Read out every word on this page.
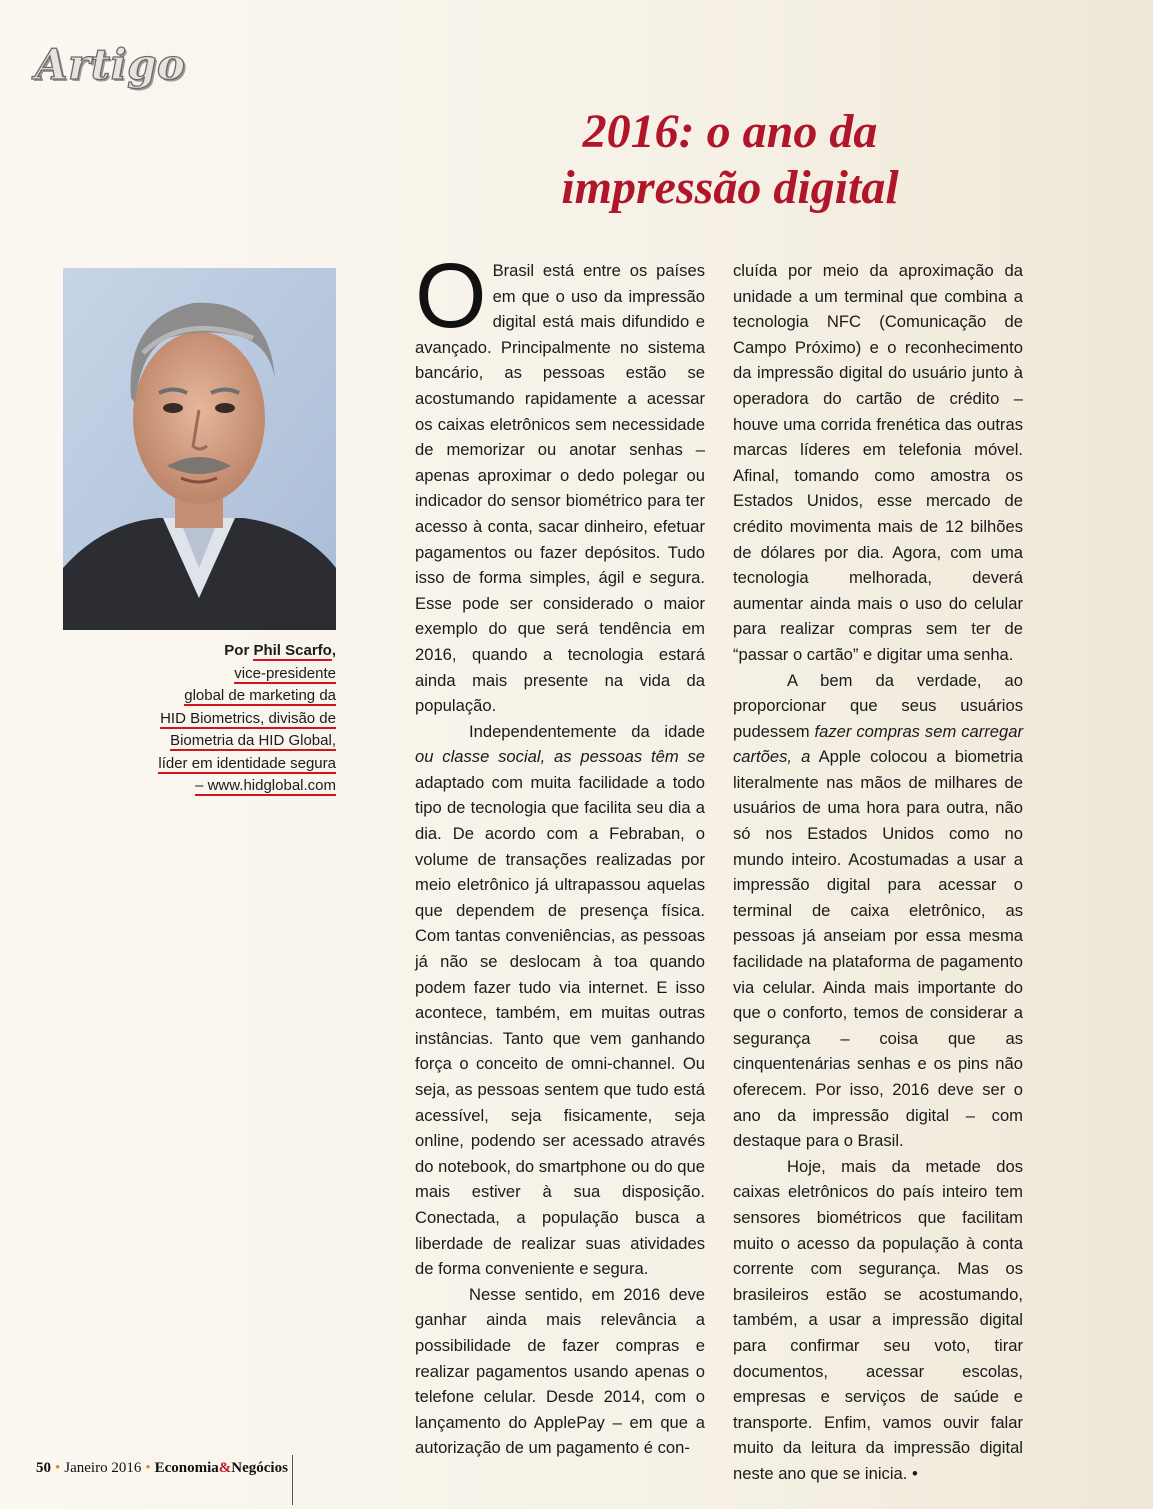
Artigo
2016: o ano da
impressão digital
Por Phil Scarfo,
vice-presidente
global de marketing da
HID Biometrics, divisão de
Biometria da HID Global,
líder em identidade segura
– www.hidglobal.com

O Brasil está entre os países em que o uso da impressão digital está mais difundido e avançado. Principalmente no sistema bancário, as pessoas estão se acostumando rapidamente a acessar os caixas eletrônicos sem necessidade de memorizar ou anotar senhas – apenas aproximar o dedo polegar ou indicador do sensor biométrico para ter acesso à conta, sacar dinheiro, efetuar pagamentos ou fazer depósitos. Tudo isso de forma simples, ágil e segura. Esse pode ser considerado o maior exemplo do que será tendência em 2016, quando a tecnologia estará ainda mais presente na vida da população.

Independentemente da idade ou classe social, as pessoas têm se adaptado com muita facilidade a todo tipo de tecnologia que facilita seu dia a dia. De acordo com a Febraban, o volume de transações realizadas por meio eletrônico já ultrapassou aquelas que dependem de presença física. Com tantas conveniências, as pessoas já não se deslocam à toa quando podem fazer tudo via internet. E isso acontece, também, em muitas outras instâncias. Tanto que vem ganhando força o conceito de omni-channel. Ou seja, as pessoas sentem que tudo está acessível, seja fisicamente, seja online, podendo ser acessado através do notebook, do smartphone ou do que mais estiver à sua disposição. Conectada, a população busca a liberdade de realizar suas atividades de forma conveniente e segura.

Nesse sentido, em 2016 deve ganhar ainda mais relevância a possibilidade de fazer compras e realizar pagamentos usando apenas o telefone celular. Desde 2014, com o lançamento do ApplePay – em que a autorização de um pagamento é con-

cluída por meio da aproximação da unidade a um terminal que combina a tecnologia NFC (Comunicação de Campo Próximo) e o reconhecimento da impressão digital do usuário junto à operadora do cartão de crédito – houve uma corrida frenética das outras marcas líderes em telefonia móvel. Afinal, tomando como amostra os Estados Unidos, esse mercado de crédito movimenta mais de 12 bilhões de dólares por dia. Agora, com uma tecnologia melhorada, deverá aumentar ainda mais o uso do celular para realizar compras sem ter de “passar o cartão” e digitar uma senha.

A bem da verdade, ao proporcionar que seus usuários pudessem fazer compras sem carregar cartões, a Apple colocou a biometria literalmente nas mãos de milhares de usuários de uma hora para outra, não só nos Estados Unidos como no mundo inteiro. Acostumadas a usar a impressão digital para acessar o terminal de caixa eletrônico, as pessoas já anseiam por essa mesma facilidade na plataforma de pagamento via celular. Ainda mais importante do que o conforto, temos de considerar a segurança – coisa que as cinquentenárias senhas e os pins não oferecem. Por isso, 2016 deve ser o ano da impressão digital – com destaque para o Brasil.

Hoje, mais da metade dos caixas eletrônicos do país inteiro tem sensores biométricos que facilitam muito o acesso da população à conta corrente com segurança. Mas os brasileiros estão se acostumando, também, a usar a impressão digital para confirmar seu voto, tirar documentos, acessar escolas, empresas e serviços de saúde e transporte. Enfim, vamos ouvir falar muito da leitura da impressão digital neste ano que se inicia. •

50 • Janeiro 2016 • Economia&Negócios
